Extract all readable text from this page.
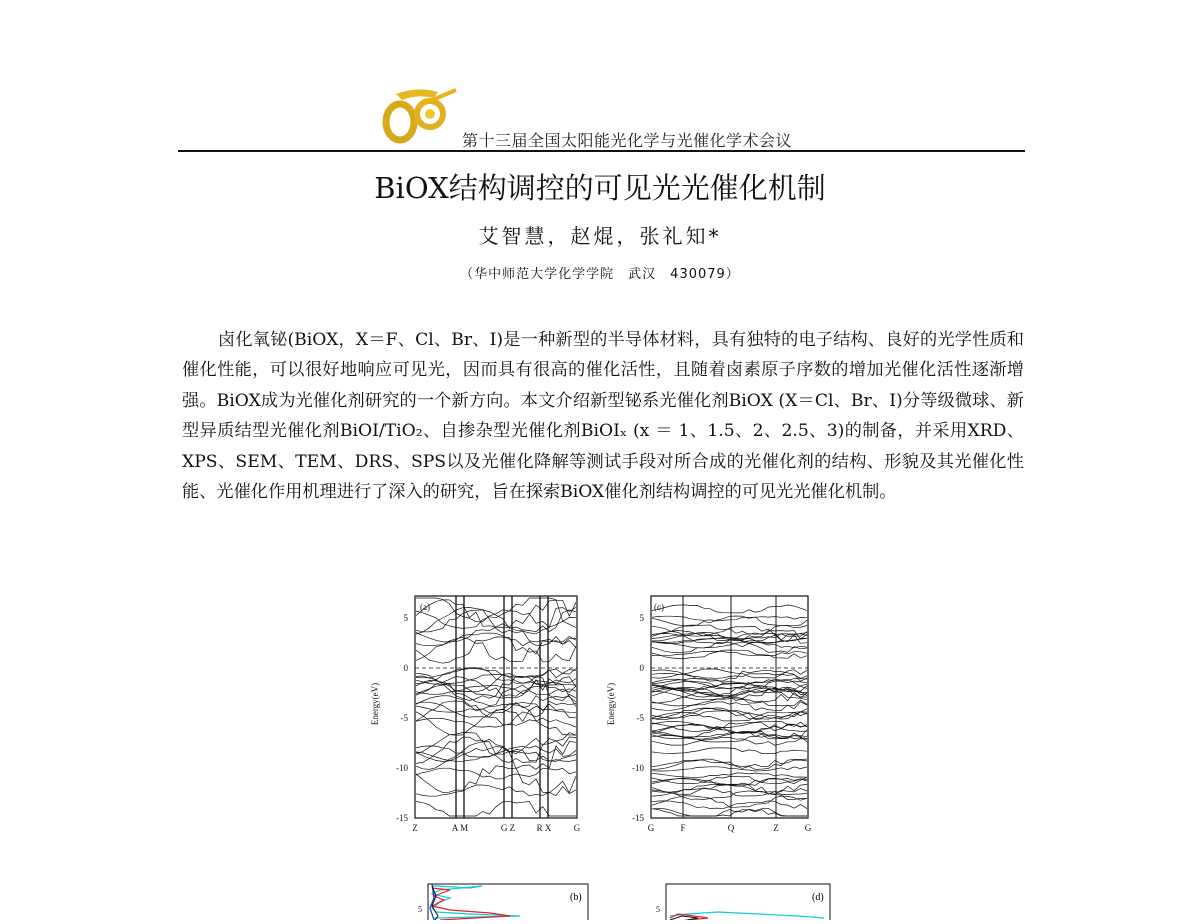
第十三届全国太阳能光化学与光催化学术会议
BiOX结构调控的可见光光催化机制
艾智慧，赵焜，张礼知*
（华中师范大学化学学院　武汉　430079）
卤化氧铋(BiOX，X＝F、Cl、Br、I)是一种新型的半导体材料，具有独特的电子结构、良好的光学性质和催化性能，可以很好地响应可见光，因而具有很高的催化活性，且随着卤素原子序数的增加光催化活性逐渐增强。BiOX成为光催化剂研究的一个新方向。本文介绍新型铋系光催化剂BiOX (X＝Cl、Br、I)分等级微球、新型异质结型光催化剂BiOI/TiO₂、自掺杂型光催化剂BiOIₓ (x ＝ 1、1.5、2、2.5、3)的制备，并采用XRD、XPS、SEM、TEM、DRS、SPS以及光催化降解等测试手段对所合成的光催化剂的结构、形貌及其光催化性能、光催化作用机理进行了深入的研究，旨在探索BiOX催化剂结构调控的可见光光催化机制。
Energy(eV)
5
0
-5
-10
-15
Z	A M	G Z R X G
(a)
Energy(eV)
5
0
-5
-10
-15
G	F	Q	Z	G
(c)
(b)
5
(d)
5
